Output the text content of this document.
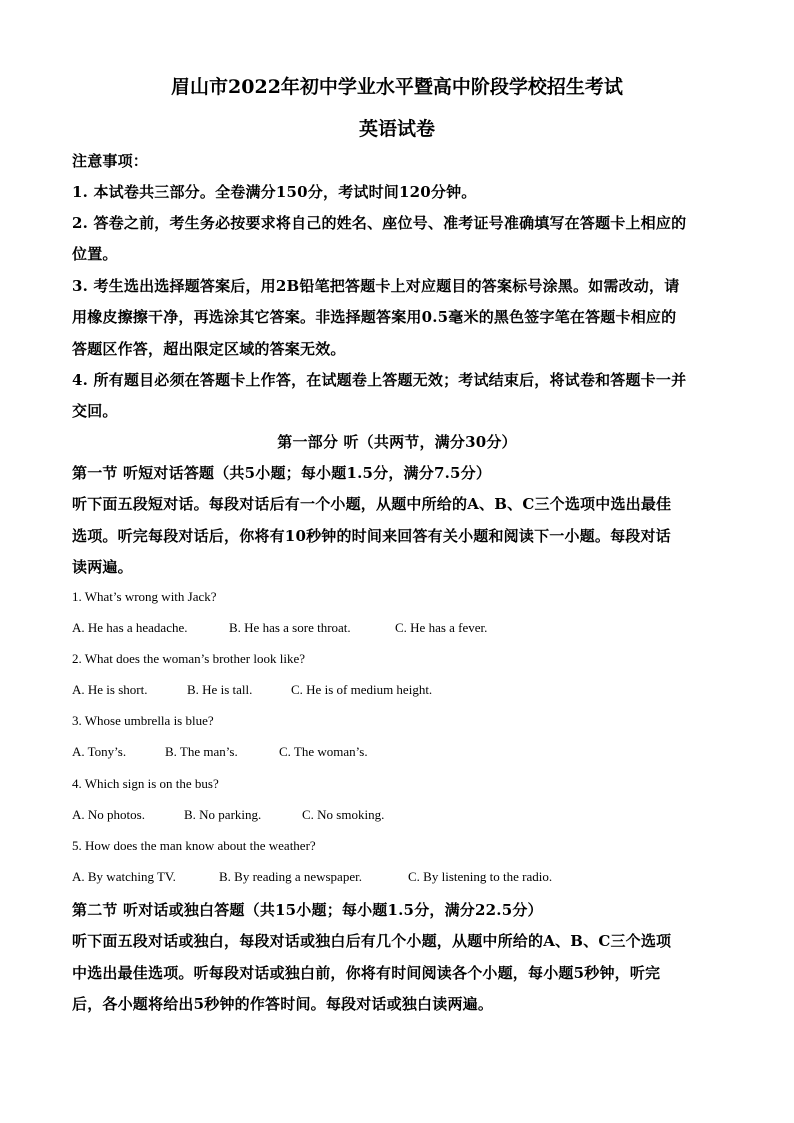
眉山市2022年初中学业水平暨高中阶段学校招生考试
英语试卷
注意事项：
1. 本试卷共三部分。全卷满分150分，考试时间120分钟。
2. 答卷之前，考生务必按要求将自己的姓名、座位号、准考证号准确填写在答题卡上相应的
位置。
3. 考生选出选择题答案后，用2B铅笔把答题卡上对应题目的答案标号涂黑。如需改动，请
用橡皮擦擦干净，再选涂其它答案。非选择题答案用0.5毫米的黑色签字笔在答题卡相应的
答题区作答，超出限定区域的答案无效。
4. 所有题目必须在答题卡上作答，在试题卷上答题无效；考试结束后，将试卷和答题卡一并
交回。
第一部分 听（共两节，满分30分）
第一节 听短对话答题（共5小题；每小题1.5分，满分7.5分）
听下面五段短对话。每段对话后有一个小题，从题中所给的A、B、C三个选项中选出最佳
选项。听完每段对话后，你将有10秒钟的时间来回答有关小题和阅读下一小题。每段对话
读两遍。
1. What’s wrong with Jack?
A. He has a headache.	B. He has a sore throat.	C. He has a fever.
2. What does the woman’s brother look like?
A. He is short.	B. He is tall.	C. He is of medium height.
3. Whose umbrella is blue?
A. Tony’s.	B. The man’s.	C. The woman’s.
4. Which sign is on the bus?
A. No photos.	B. No parking.	C. No smoking.
5. How does the man know about the weather?
A. By watching TV.	B. By reading a newspaper.	C. By listening to the radio.
第二节 听对话或独白答题（共15小题；每小题1.5分，满分22.5分）
听下面五段对话或独白，每段对话或独白后有几个小题，从题中所给的A、B、C三个选项
中选出最佳选项。听每段对话或独白前，你将有时间阅读各个小题，每小题5秒钟，听完
后，各小题将给出5秒钟的作答时间。每段对话或独白读两遍。
